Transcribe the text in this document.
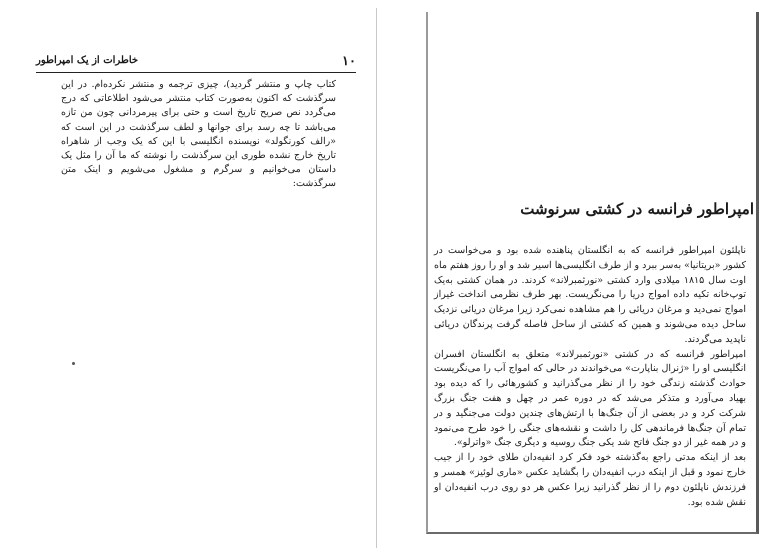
۱۰
خاطرات از یک امپراطور

کتاب چاپ و منتشر گردید)، چیزی ترجمه و منتشر نکرده‌ام. در این سرگذشت که اکنون به‌صورت کتاب منتشر می‌شود اطلاعاتی که درج می‌گردد نص صریح تاریخ است و حتی برای پیرمردانی چون من تازه می‌باشد تا چه رسد برای جوانها و لطف سرگذشت در این است که «رالف کورنگولد» نویسنده انگلیسی با این که یک وجب از شاهراه تاریخ خارج نشده طوری این سرگذشت را نوشته که ما آن را مثل یک داستان می‌خوانیم و سرگرم و مشغول می‌شویم و اینک متن سرگذشت:

امپراطور فرانسه در کشتی سرنوشت

ناپلئون امپراطور فرانسه که به انگلستان پناهنده شده بود و می‌خواست در کشور «بریتانیا» به‌سر ببرد و از طرف انگلیسی‌ها اسیر شد و او را روز هفتم ماه اوت سال ۱۸۱۵ میلادی وارد کشتی «نورثمبرلاند» کردند. در همان کشتی به‌یک توپ‌خانه تکیه داده امواج دریا را می‌نگریست. بهر طرف نظرمی انداخت غیراز امواج نمی‌دید و مرغان دریائی را هم مشاهده نمی‌کرد زیرا مرغان دریائی نزدیک ساحل دیده می‌شوند و همین که کشتی از ساحل فاصله گرفت پرندگان دریائی ناپدید می‌گردند.

امپراطور فرانسه که در کشتی «نورثمبرلاند» متعلق به انگلستان افسران انگلیسی او را «ژنرال بناپارت» می‌خواندند در حالی که امواج آب را می‌نگریست حوادث گذشته زندگی خود را از نظر می‌گذرانید و کشورهائی را که دیده بود بهیاد می‌آورد و متذکر می‌شد که در دوره عمر در چهل و هفت جنگ بزرگ شرکت کرد و در بعضی از آن جنگ‌ها با ارتش‌های چندین دولت می‌جنگید و در تمام آن جنگ‌ها فرماندهی کل را داشت و نقشه‌های جنگی را خود طرح می‌نمود و در همه غیر از دو جنگ فاتح شد یکی جنگ روسیه و دیگری جنگ «واترلو».

بعد از اینکه مدتی راجع به‌گذشته خود فکر کرد انفیه‌دان طلای خود را از جیب خارج نمود و قبل از اینکه درب انفیه‌دان را بگشاید عکس «ماری لوئیز» همسر و فرزندش ناپلئون دوم را از نظر گذرانید زیرا عکس هر دو روی درب انفیه‌دان او نقش شده بود.
